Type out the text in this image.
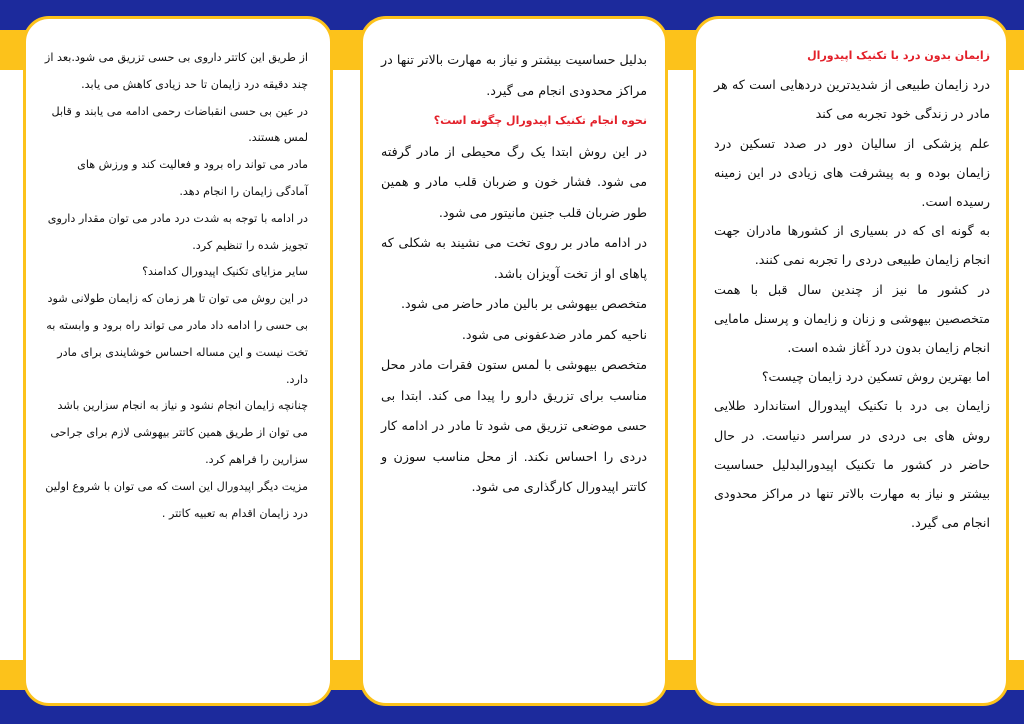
از طریق این کاتتر داروی بی حسی تزریق می شود.بعد از چند دقیقه درد زایمان تا حد زیادی کاهش می یابد.

در عین بی حسی انقباضات رحمی ادامه می یابند و قابل لمس هستند.

مادر می تواند راه برود و فعالیت کند و ورزش های آمادگی زایمان را انجام دهد.

در ادامه با توجه به شدت درد مادر می توان مقدار داروی تجویز شده را تنظیم کرد.

سایر مزایای تکنیک اپیدورال کدامند؟

در این روش می توان تا هر زمان که زایمان طولانی شود بی حسی را ادامه داد مادر می تواند راه برود و وابسته به تخت نیست و این مساله احساس خوشایندی برای مادر دارد.

چنانچه زایمان انجام نشود و نیاز به انجام سزارین باشد می توان از طریق همین کاتتر بیهوشی لازم برای جراحی سزارین را فراهم کرد.

مزیت دیگر اپیدورال این است که می توان با شروع اولین درد زایمان اقدام به تعبیه کاتتر .

بدلیل حساسیت بیشتر و نیاز به مهارت بالاتر تنها در مراکز محدودی انجام می گیرد.

نحوه انجام تکنیک اپیدورال چگونه است؟

در این روش ابتدا یک رگ محیطی از مادر گرفته می شود. فشار خون و ضربان قلب مادر و همین طور ضربان قلب جنین مانیتور می شود.

در ادامه مادر بر روی تخت می نشیند به شکلی که پاهای او از تخت آویزان باشد.

متخصص بیهوشی بر بالین مادر حاضر می شود.

ناحیه کمر مادر ضدعفونی می شود.

متخصص بیهوشی با لمس ستون فقرات مادر محل مناسب برای تزریق دارو را پیدا می کند. ابتدا بی حسی موضعی تزریق می شود تا مادر در ادامه کار دردی را احساس نکند. از محل مناسب سوزن و کاتتر اپیدورال کارگذاری می شود.

زایمان بدون درد با تکنیک اپیدورال

درد زایمان طبیعی از شدیدترین دردهایی است که هر مادر در زندگی خود تجربه می کند

علم پزشکی از سالیان دور در صدد تسکین درد زایمان بوده و به پیشرفت های زیادی در این زمینه رسیده است.

به گونه ای که در بسیاری از کشورها مادران جهت انجام زایمان طبیعی دردی را تجربه نمی کنند.

در کشور ما نیز از چندین سال قبل با همت متخصصین بیهوشی و زنان و زایمان و پرسنل مامایی انجام زایمان بدون درد آغاز شده است.

اما بهترین روش تسکین درد زایمان چیست؟

زایمان بی درد با تکنیک اپیدورال استاندارد طلایی روش های بی دردی در سراسر دنیاست. در حال حاضر در کشور ما تکنیک اپیدورالبدلیل حساسیت بیشتر و نیاز به مهارت بالاتر تنها در مراکز محدودی انجام می گیرد.
